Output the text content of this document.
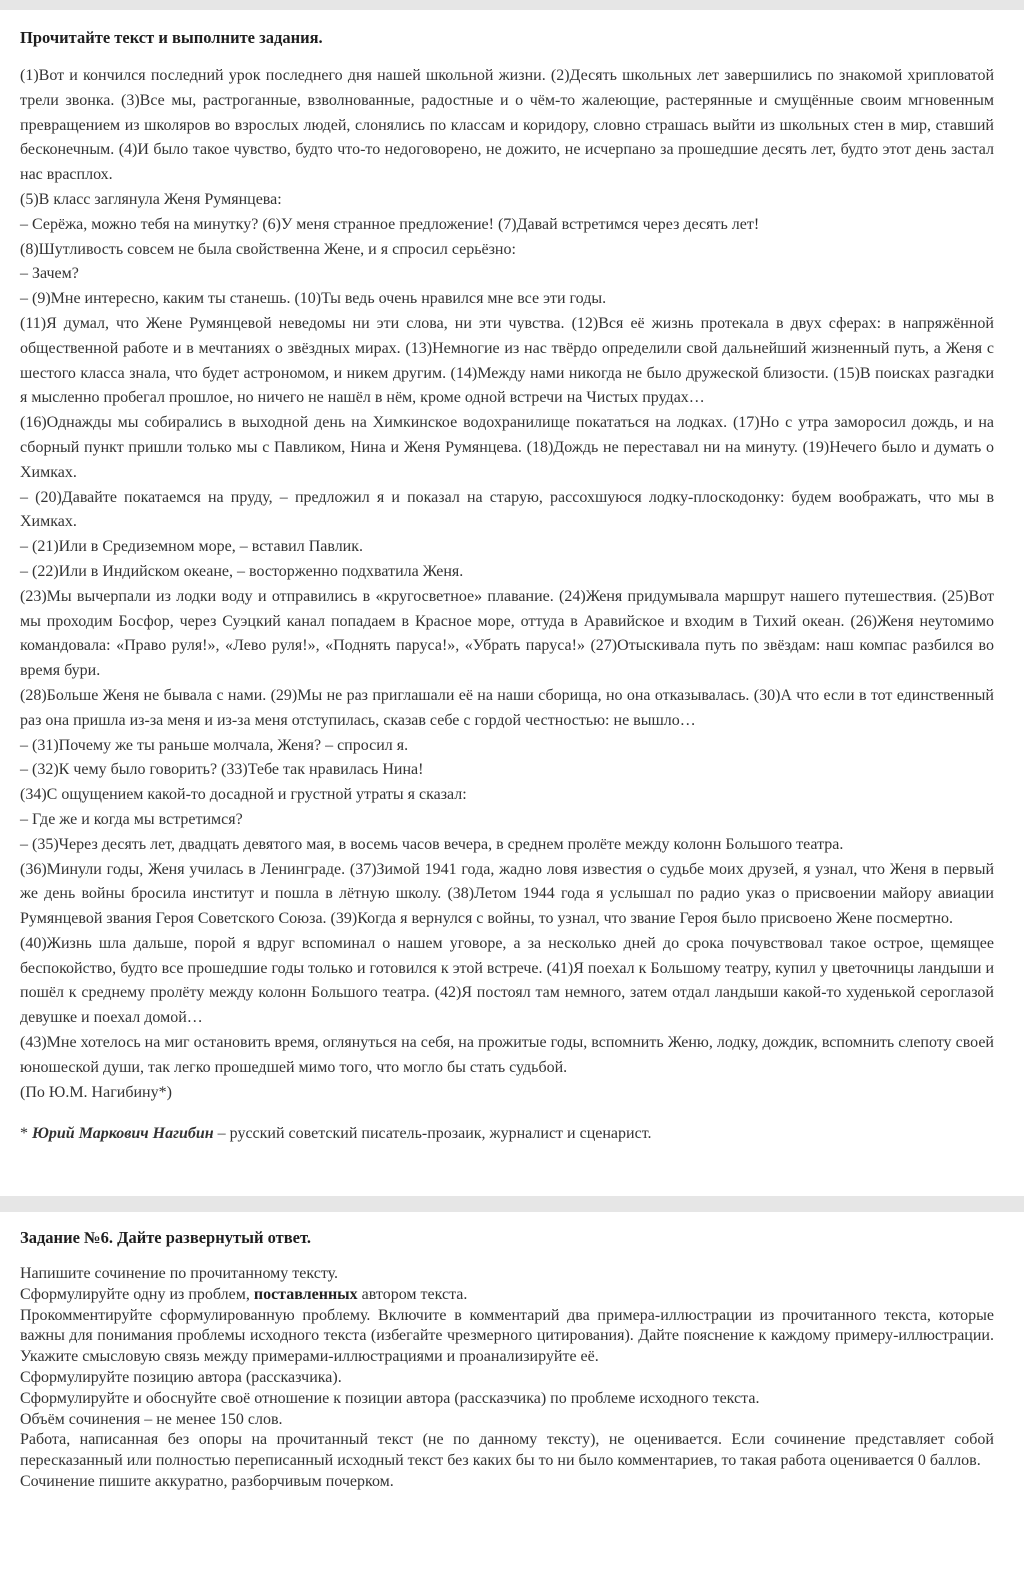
Прочитайте текст и выполните задания.

(1)Вот и кончился последний урок последнего дня нашей школьной жизни. (2)Десять школьных лет завершились по знакомой хрипловатой трели звонка. (3)Все мы, растроганные, взволнованные, радостные и о чём-то жалеющие, растерянные и смущённые своим мгновенным превращением из школяров во взрослых людей, слонялись по классам и коридору, словно страшась выйти из школьных стен в мир, ставший бесконечным. (4)И было такое чувство, будто что-то недоговорено, не дожито, не исчерпано за прошедшие десять лет, будто этот день застал нас врасплох.

(5)В класс заглянула Женя Румянцева:

– Серёжа, можно тебя на минутку? (6)У меня странное предложение! (7)Давай встретимся через десять лет!

(8)Шутливость совсем не была свойственна Жене, и я спросил серьёзно:

– Зачем?

– (9)Мне интересно, каким ты станешь. (10)Ты ведь очень нравился мне все эти годы.

(11)Я думал, что Жене Румянцевой неведомы ни эти слова, ни эти чувства. (12)Вся её жизнь протекала в двух сферах: в напряжённой общественной работе и в мечтаниях о звёздных мирах. (13)Немногие из нас твёрдо определили свой дальнейший жизненный путь, а Женя с шестого класса знала, что будет астрономом, и никем другим. (14)Между нами никогда не было дружеской близости. (15)В поисках разгадки я мысленно пробегал прошлое, но ничего не нашёл в нём, кроме одной встречи на Чистых прудах…

(16)Однажды мы собирались в выходной день на Химкинское водохранилище покататься на лодках. (17)Но с утра заморосил дождь, и на сборный пункт пришли только мы с Павликом, Нина и Женя Румянцева. (18)Дождь не переставал ни на минуту. (19)Нечего было и думать о Химках.

– (20)Давайте покатаемся на пруду, – предложил я и показал на старую, рассохшуюся лодку-плоскодонку: будем воображать, что мы в Химках.

– (21)Или в Средиземном море, – вставил Павлик.

– (22)Или в Индийском океане, – восторженно подхватила Женя.

(23)Мы вычерпали из лодки воду и отправились в «кругосветное» плавание. (24)Женя придумывала маршрут нашего путешествия. (25)Вот мы проходим Босфор, через Суэцкий канал попадаем в Красное море, оттуда в Аравийское и входим в Тихий океан. (26)Женя неутомимо командовала: «Право руля!», «Лево руля!», «Поднять паруса!», «Убрать паруса!» (27)Отыскивала путь по звёздам: наш компас разбился во время бури.

(28)Больше Женя не бывала с нами. (29)Мы не раз приглашали её на наши сборища, но она отказывалась. (30)А что если в тот единственный раз она пришла из-за меня и из-за меня отступилась, сказав себе с гордой честностью: не вышло…

– (31)Почему же ты раньше молчала, Женя? – спросил я.

– (32)К чему было говорить? (33)Тебе так нравилась Нина!

(34)С ощущением какой-то досадной и грустной утраты я сказал:

– Где же и когда мы встретимся?

– (35)Через десять лет, двадцать девятого мая, в восемь часов вечера, в среднем пролёте между колонн Большого театра.

(36)Минули годы, Женя училась в Ленинграде. (37)Зимой 1941 года, жадно ловя известия о судьбе моих друзей, я узнал, что Женя в первый же день войны бросила институт и пошла в лётную школу. (38)Летом 1944 года я услышал по радио указ о присвоении майору авиации Румянцевой звания Героя Советского Союза. (39)Когда я вернулся с войны, то узнал, что звание Героя было присвоено Жене посмертно.

(40)Жизнь шла дальше, порой я вдруг вспоминал о нашем уговоре, а за несколько дней до срока почувствовал такое острое, щемящее беспокойство, будто все прошедшие годы только и готовился к этой встрече. (41)Я поехал к Большому театру, купил у цветочницы ландыши и пошёл к среднему пролёту между колонн Большого театра. (42)Я постоял там немного, затем отдал ландыши какой-то худенькой сероглазой девушке и поехал домой…

(43)Мне хотелось на миг остановить время, оглянуться на себя, на прожитые годы, вспомнить Женю, лодку, дождик, вспомнить слепоту своей юношеской души, так легко прошедшей мимо того, что могло бы стать судьбой.

(По Ю.М. Нагибину*)

* Юрий Маркович Нагибин – русский советский писатель-прозаик, журналист и сценарист.
Задание №6. Дайте развернутый ответ.

Напишите сочинение по прочитанному тексту.

Сформулируйте одну из проблем, поставленных автором текста.

Прокомментируйте сформулированную проблему. Включите в комментарий два примера-иллюстрации из прочитанного текста, которые важны для понимания проблемы исходного текста (избегайте чрезмерного цитирования). Дайте пояснение к каждому примеру-иллюстрации. Укажите смысловую связь между примерами-иллюстрациями и проанализируйте её.

Сформулируйте позицию автора (рассказчика).

Сформулируйте и обоснуйте своё отношение к позиции автора (рассказчика) по проблеме исходного текста.

Объём сочинения – не менее 150 слов.

Работа, написанная без опоры на прочитанный текст (не по данному тексту), не оценивается. Если сочинение представляет собой пересказанный или полностью переписанный исходный текст без каких бы то ни было комментариев, то такая работа оценивается 0 баллов.

Сочинение пишите аккуратно, разборчивым почерком.
